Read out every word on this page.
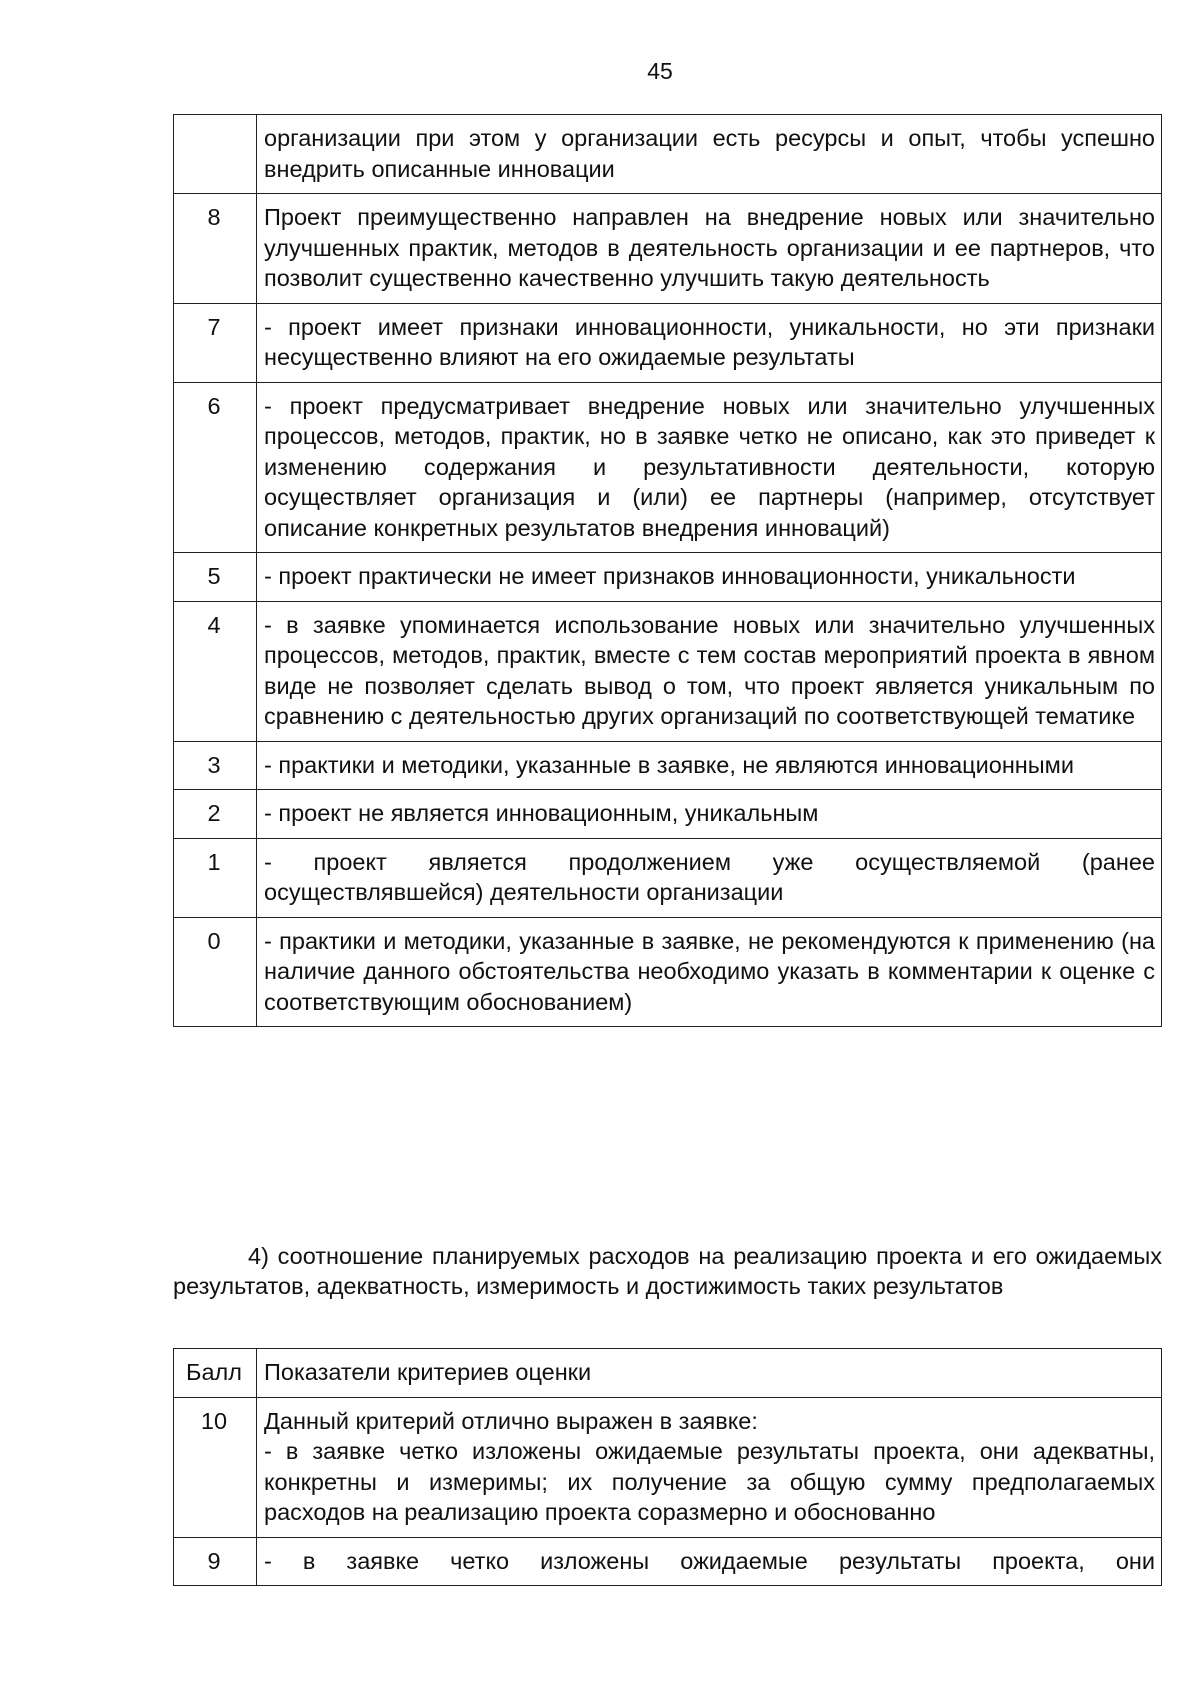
45
	организации при этом у организации есть ресурсы и опыт, чтобы успешно внедрить описанные инновации
8	Проект преимущественно направлен на внедрение новых или значительно улучшенных практик, методов в деятельность организации и ее партнеров, что позволит существенно качественно улучшить такую деятельность
7	- проект имеет признаки инновационности, уникальности, но эти признаки несущественно влияют на его ожидаемые результаты
6	- проект предусматривает внедрение новых или значительно улучшенных процессов, методов, практик, но в заявке четко не описано, как это приведет к изменению содержания и результативности деятельности, которую осуществляет организация и (или) ее партнеры (например, отсутствует описание конкретных результатов внедрения инноваций)
5	- проект практически не имеет признаков инновационности, уникальности
4	- в заявке упоминается использование новых или значительно улучшенных процессов, методов, практик, вместе с тем состав мероприятий проекта в явном виде не позволяет сделать вывод о том, что проект является уникальным по сравнению с деятельностью других организаций по соответствующей тематике
3	- практики и методики, указанные в заявке, не являются инновационными
2	- проект не является инновационным, уникальным
1	- проект является продолжением уже осуществляемой (ранее осуществлявшейся) деятельности организации
0	- практики и методики, указанные в заявке, не рекомендуются к применению (на наличие данного обстоятельства необходимо указать в комментарии к оценке с соответствующим обоснованием)

4) соотношение планируемых расходов на реализацию проекта и его ожидаемых результатов, адекватность, измеримость и достижимость таких результатов

Балл	Показатели критериев оценки
10	Данный критерий отлично выражен в заявке:
- в заявке четко изложены ожидаемые результаты проекта, они адекватны, конкретны и измеримы; их получение за общую сумму предполагаемых расходов на реализацию проекта соразмерно и обоснованно

9	- в заявке четко изложены ожидаемые результаты проекта, они
